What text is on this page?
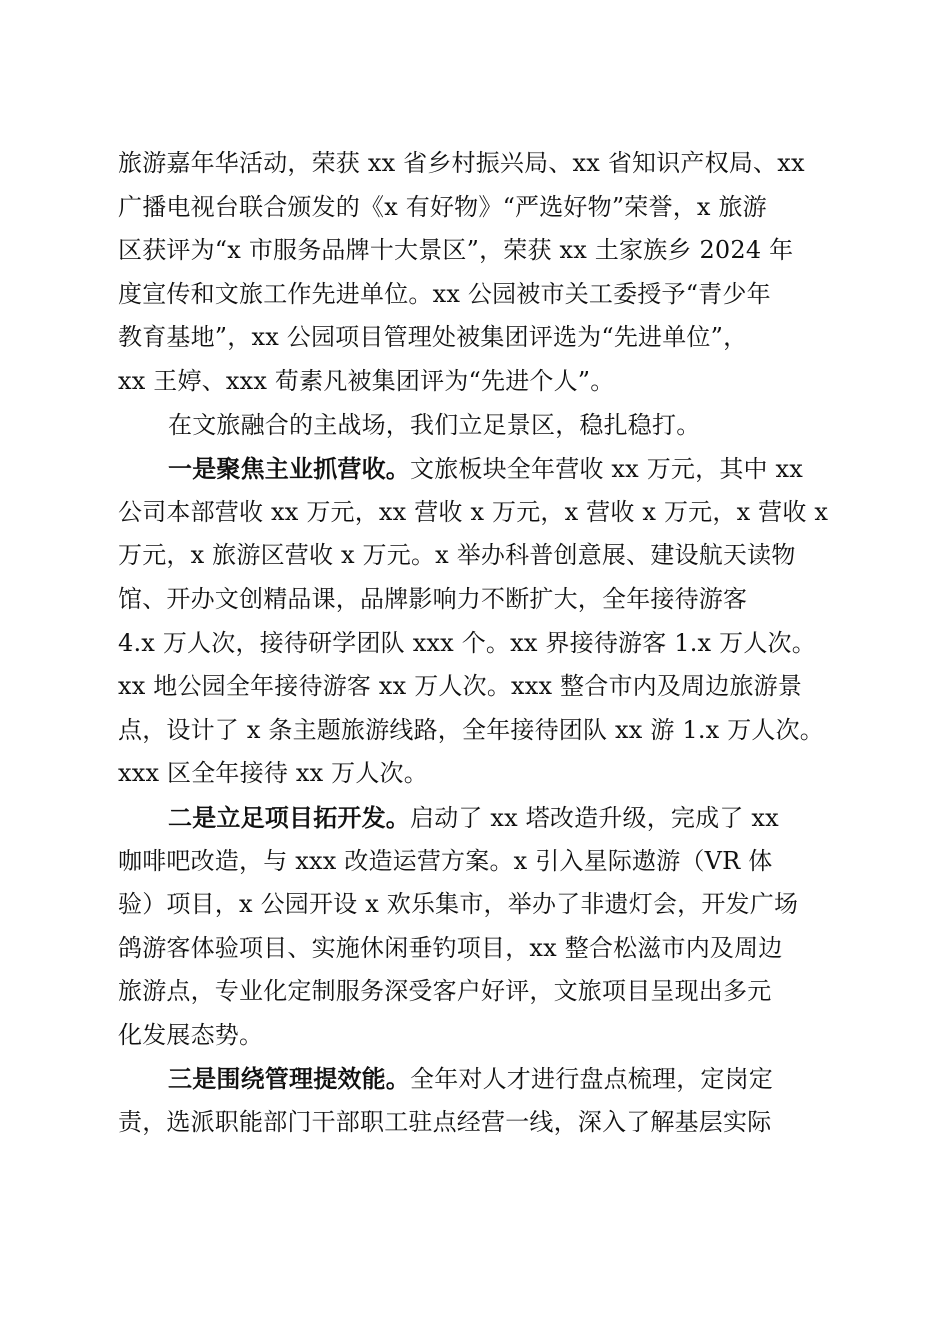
旅游嘉年华活动，荣获 xx 省乡村振兴局、xx 省知识产权局、xx
广播电视台联合颁发的《x 有好物》“严选好物”荣誉，x 旅游
区获评为“x 市服务品牌十大景区”，荣获 xx 土家族乡 2024 年
度宣传和文旅工作先进单位。xx 公园被市关工委授予“青少年
教育基地”，xx 公园项目管理处被集团评选为“先进单位”，
xx 王婷、xxx 荀素凡被集团评为“先进个人”。
在文旅融合的主战场，我们立足景区，稳扎稳打。
一是聚焦主业抓营收。文旅板块全年营收 xx 万元，其中 xx
公司本部营收 xx 万元，xx 营收 x 万元，x 营收 x 万元，x 营收 x
万元，x 旅游区营收 x 万元。x 举办科普创意展、建设航天读物
馆、开办文创精品课，品牌影响力不断扩大，全年接待游客
4.x 万人次，接待研学团队 xxx 个。xx 界接待游客 1.x 万人次。
xx 地公园全年接待游客 xx 万人次。xxx 整合市内及周边旅游景
点，设计了 x 条主题旅游线路，全年接待团队 xx 游 1.x 万人次。
xxx 区全年接待 xx 万人次。
二是立足项目拓开发。启动了 xx 塔改造升级，完成了 xx
咖啡吧改造，与 xxx 改造运营方案。x 引入星际遨游（VR 体
验）项目，x 公园开设 x 欢乐集市，举办了非遗灯会，开发广场
鸽游客体验项目、实施休闲垂钓项目，xx 整合松滋市内及周边
旅游点，专业化定制服务深受客户好评，文旅项目呈现出多元
化发展态势。
三是围绕管理提效能。全年对人才进行盘点梳理，定岗定
责，选派职能部门干部职工驻点经营一线，深入了解基层实际
